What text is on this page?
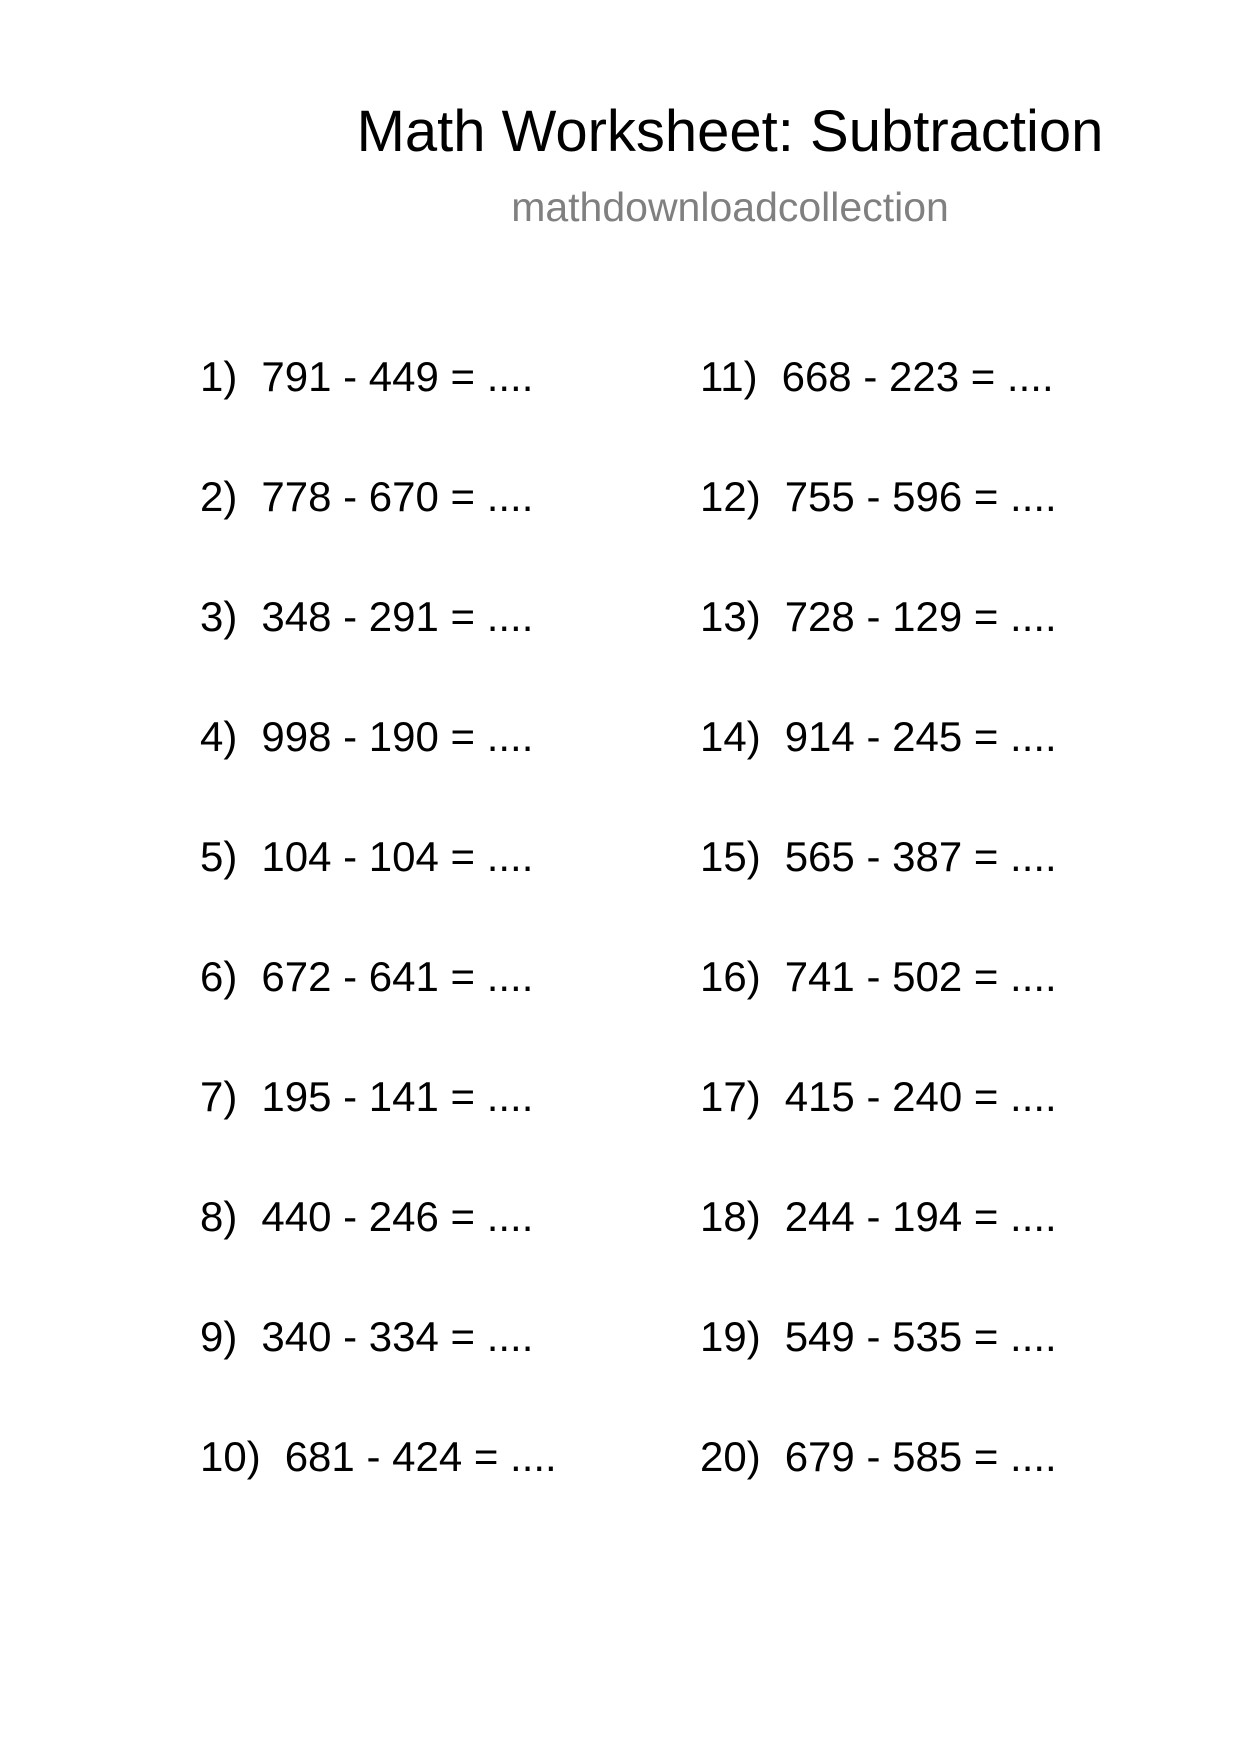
Math Worksheet: Subtraction
mathdownloadcollection
1) 791 - 449 = ....
2) 778 - 670 = ....
3) 348 - 291 = ....
4) 998 - 190 = ....
5) 104 - 104 = ....
6) 672 - 641 = ....
7) 195 - 141 = ....
8) 440 - 246 = ....
9) 340 - 334 = ....
10) 681 - 424 = ....
11) 668 - 223 = ....
12) 755 - 596 = ....
13) 728 - 129 = ....
14) 914 - 245 = ....
15) 565 - 387 = ....
16) 741 - 502 = ....
17) 415 - 240 = ....
18) 244 - 194 = ....
19) 549 - 535 = ....
20) 679 - 585 = ....
